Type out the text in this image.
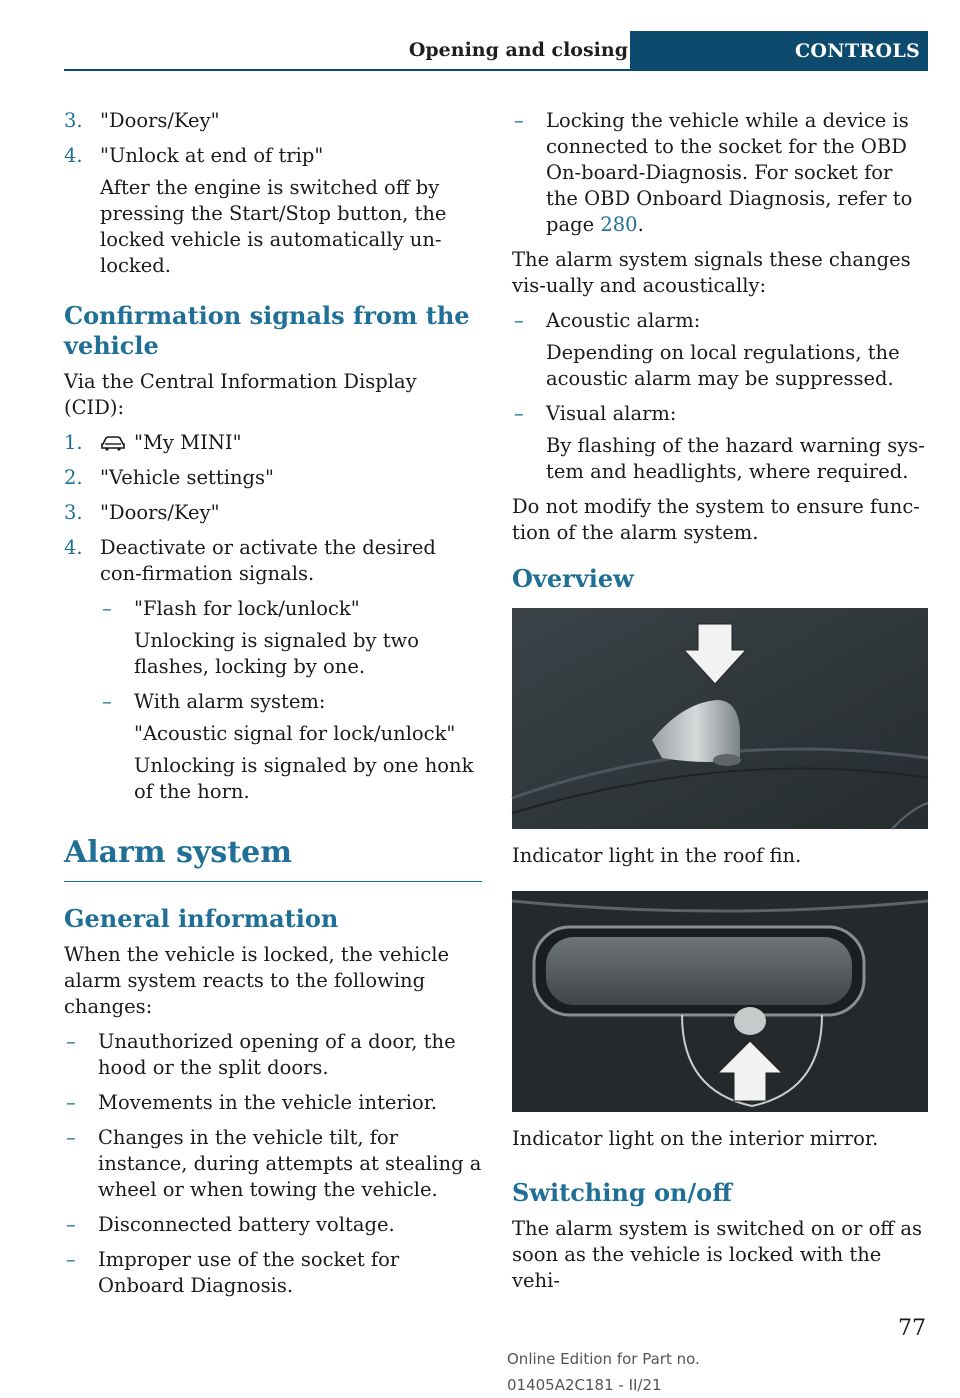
Opening and closing	CONTROLS
3. "Doors/Key"
4. "Unlock at end of trip"
After the engine is switched off by pressing the Start/Stop button, the locked vehicle is automatically un-locked.
Confirmation signals from the vehicle
Via the Central Information Display (CID):
1.	"My MINI"
2. "Vehicle settings"
3. "Doors/Key"
4. Deactivate or activate the desired con-firmation signals.
– "Flash for lock/unlock"
Unlocking is signaled by two flashes, locking by one.
– With alarm system:
"Acoustic signal for lock/unlock"
Unlocking is signaled by one honk of the horn.
Alarm system
General information
When the vehicle is locked, the vehicle alarm system reacts to the following changes:
– Unauthorized opening of a door, the hood or the split doors.
– Movements in the vehicle interior.
– Changes in the vehicle tilt, for instance, during attempts at stealing a wheel or when towing the vehicle.
– Disconnected battery voltage.
– Improper use of the socket for Onboard Diagnosis.
– Locking the vehicle while a device is connected to the socket for the OBD On-board-Diagnosis. For socket for the OBD Onboard Diagnosis, refer to page 280.
The alarm system signals these changes vis-ually and acoustically:
– Acoustic alarm:
Depending on local regulations, the acoustic alarm may be suppressed.
– Visual alarm:
By flashing of the hazard warning sys-tem and headlights, where required.
Do not modify the system to ensure func-tion of the alarm system.
Overview
Indicator light in the roof fin.
Indicator light on the interior mirror.
Switching on/off
The alarm system is switched on or off as soon as the vehicle is locked with the vehi-
77
Online Edition for Part no. 01405A2C181 - II/21
